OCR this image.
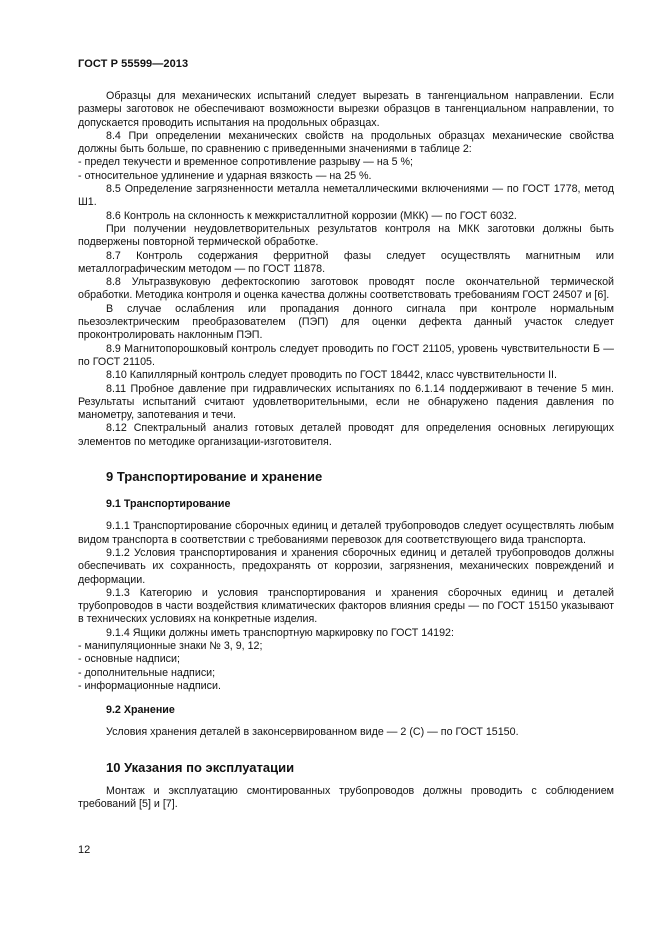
ГОСТ Р 55599—2013

Образцы для механических испытаний следует вырезать в тангенциальном направлении. Если размеры заготовок не обеспечивают возможности вырезки образцов в тангенциальном направлении, то допускается проводить испытания на продольных образцах.

8.4 При определении механических свойств на продольных образцах механические свойства должны быть больше, по сравнению с приведенными значениями в таблице 2:

- предел текучести и временное сопротивление разрыву — на 5 %;

- относительное удлинение и ударная вязкость — на 25 %.

8.5 Определение загрязненности металла неметаллическими включениями — по ГОСТ 1778, метод Ш1.

8.6 Контроль на склонность к межкристаллитной коррозии (МКК) — по ГОСТ 6032.

При получении неудовлетворительных результатов контроля на МКК заготовки должны быть подвержены повторной термической обработке.

8.7 Контроль содержания ферритной фазы следует осуществлять магнитным или металлографическим методом — по ГОСТ 11878.

8.8 Ультразвуковую дефектоскопию заготовок проводят после окончательной термической обработки. Методика контроля и оценка качества должны соответствовать требованиям ГОСТ 24507 и [6].

В случае ослабления или пропадания донного сигнала при контроле нормальным пьезоэлектрическим преобразователем (ПЭП) для оценки дефекта данный участок следует проконтролировать наклонным ПЭП.

8.9 Магнитопорошковый контроль следует проводить по ГОСТ 21105, уровень чувствительности Б — по ГОСТ 21105.

8.10 Капиллярный контроль следует проводить по ГОСТ 18442, класс чувствительности II.

8.11 Пробное давление при гидравлических испытаниях по 6.1.14 поддерживают в течение 5 мин. Результаты испытаний считают удовлетворительными, если не обнаружено падения давления по манометру, запотевания и течи.

8.12 Спектральный анализ готовых деталей проводят для определения основных легирующих элементов по методике организации-изготовителя.

9 Транспортирование и хранение

9.1 Транспортирование

9.1.1 Транспортирование сборочных единиц и деталей трубопроводов следует осуществлять любым видом транспорта в соответствии с требованиями перевозок для соответствующего вида транспорта.

9.1.2 Условия транспортирования и хранения сборочных единиц и деталей трубопроводов должны обеспечивать их сохранность, предохранять от коррозии, загрязнения, механических повреждений и деформации.

9.1.3 Категорию и условия транспортирования и хранения сборочных единиц и деталей трубопроводов в части воздействия климатических факторов влияния среды — по ГОСТ 15150 указывают в технических условиях на конкретные изделия.

9.1.4 Ящики должны иметь транспортную маркировку по ГОСТ 14192:

- манипуляционные знаки № 3, 9, 12;

- основные надписи;

- дополнительные надписи;

- информационные надписи.

9.2 Хранение

Условия хранения деталей в законсервированном виде — 2 (С) — по ГОСТ 15150.

10 Указания по эксплуатации

Монтаж и эксплуатацию смонтированных трубопроводов должны проводить с соблюдением требований [5] и [7].

12
